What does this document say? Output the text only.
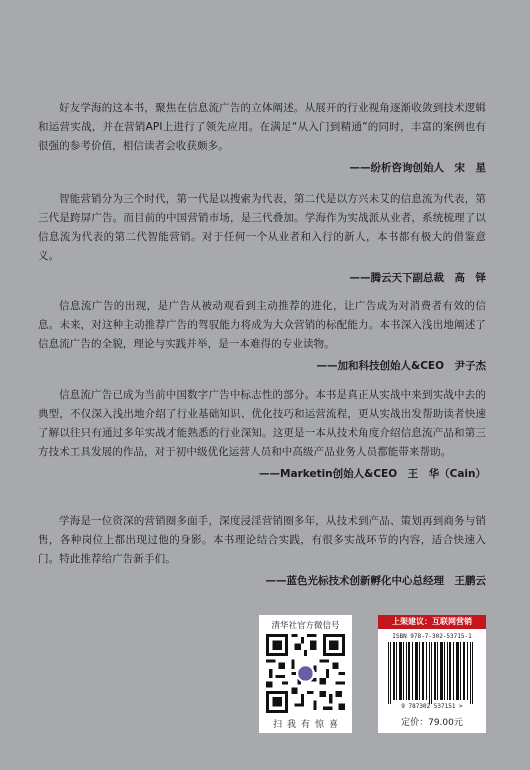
好友学海的这本书，聚焦在信息流广告的立体阐述。从展开的行业视角逐渐收敛到技术逻辑和运营实战，并在营销API上进行了领先应用。在满足“从入门到精通”的同时，丰富的案例也有很强的参考价值，相信读者会收获颇多。

——纷析咨询创始人　宋　星

智能营销分为三个时代，第一代是以搜索为代表，第二代是以方兴未艾的信息流为代表，第三代是跨屏广告。而目前的中国营销市场，是三代叠加。学海作为实战派从业者，系统梳理了以信息流为代表的第二代智能营销。对于任何一个从业者和入行的新人，本书都有极大的借鉴意义。

——腾云天下副总裁　高　铎

信息流广告的出现，是广告从被动观看到主动推荐的进化，让广告成为对消费者有效的信息。未来，对这种主动推荐广告的驾驭能力将成为大众营销的标配能力。本书深入浅出地阐述了信息流广告的全貌，理论与实践并举，是一本难得的专业读物。

——加和科技创始人&CEO　尹子杰

信息流广告已成为当前中国数字广告中标志性的部分。本书是真正从实战中来到实战中去的典型，不仅深入浅出地介绍了行业基础知识、优化技巧和运营流程，更从实战出发帮助读者快速了解以往只有通过多年实战才能熟悉的行业深知。这更是一本从技术角度介绍信息流产品和第三方技术工具发展的作品，对于初中级优化运营人员和中高级产品业务人员都能带来帮助。

——Marketin创始人&CEO　王　华（Cain）

学海是一位资深的营销圈多面手，深度浸淫营销圈多年，从技术到产品、策划再到商务与销售，各种岗位上都出现过他的身影。本书理论结合实践，有很多实战环节的内容，适合快速入门。特此推荐给广告新手们。

——蓝色光标技术创新孵化中心总经理　王鹏云
清华社官方微信号
扫我有惊喜
上架建议：互联网营销
ISBN 978-7-302-53715-1
9 787302 537151 >
定价：79.00元
